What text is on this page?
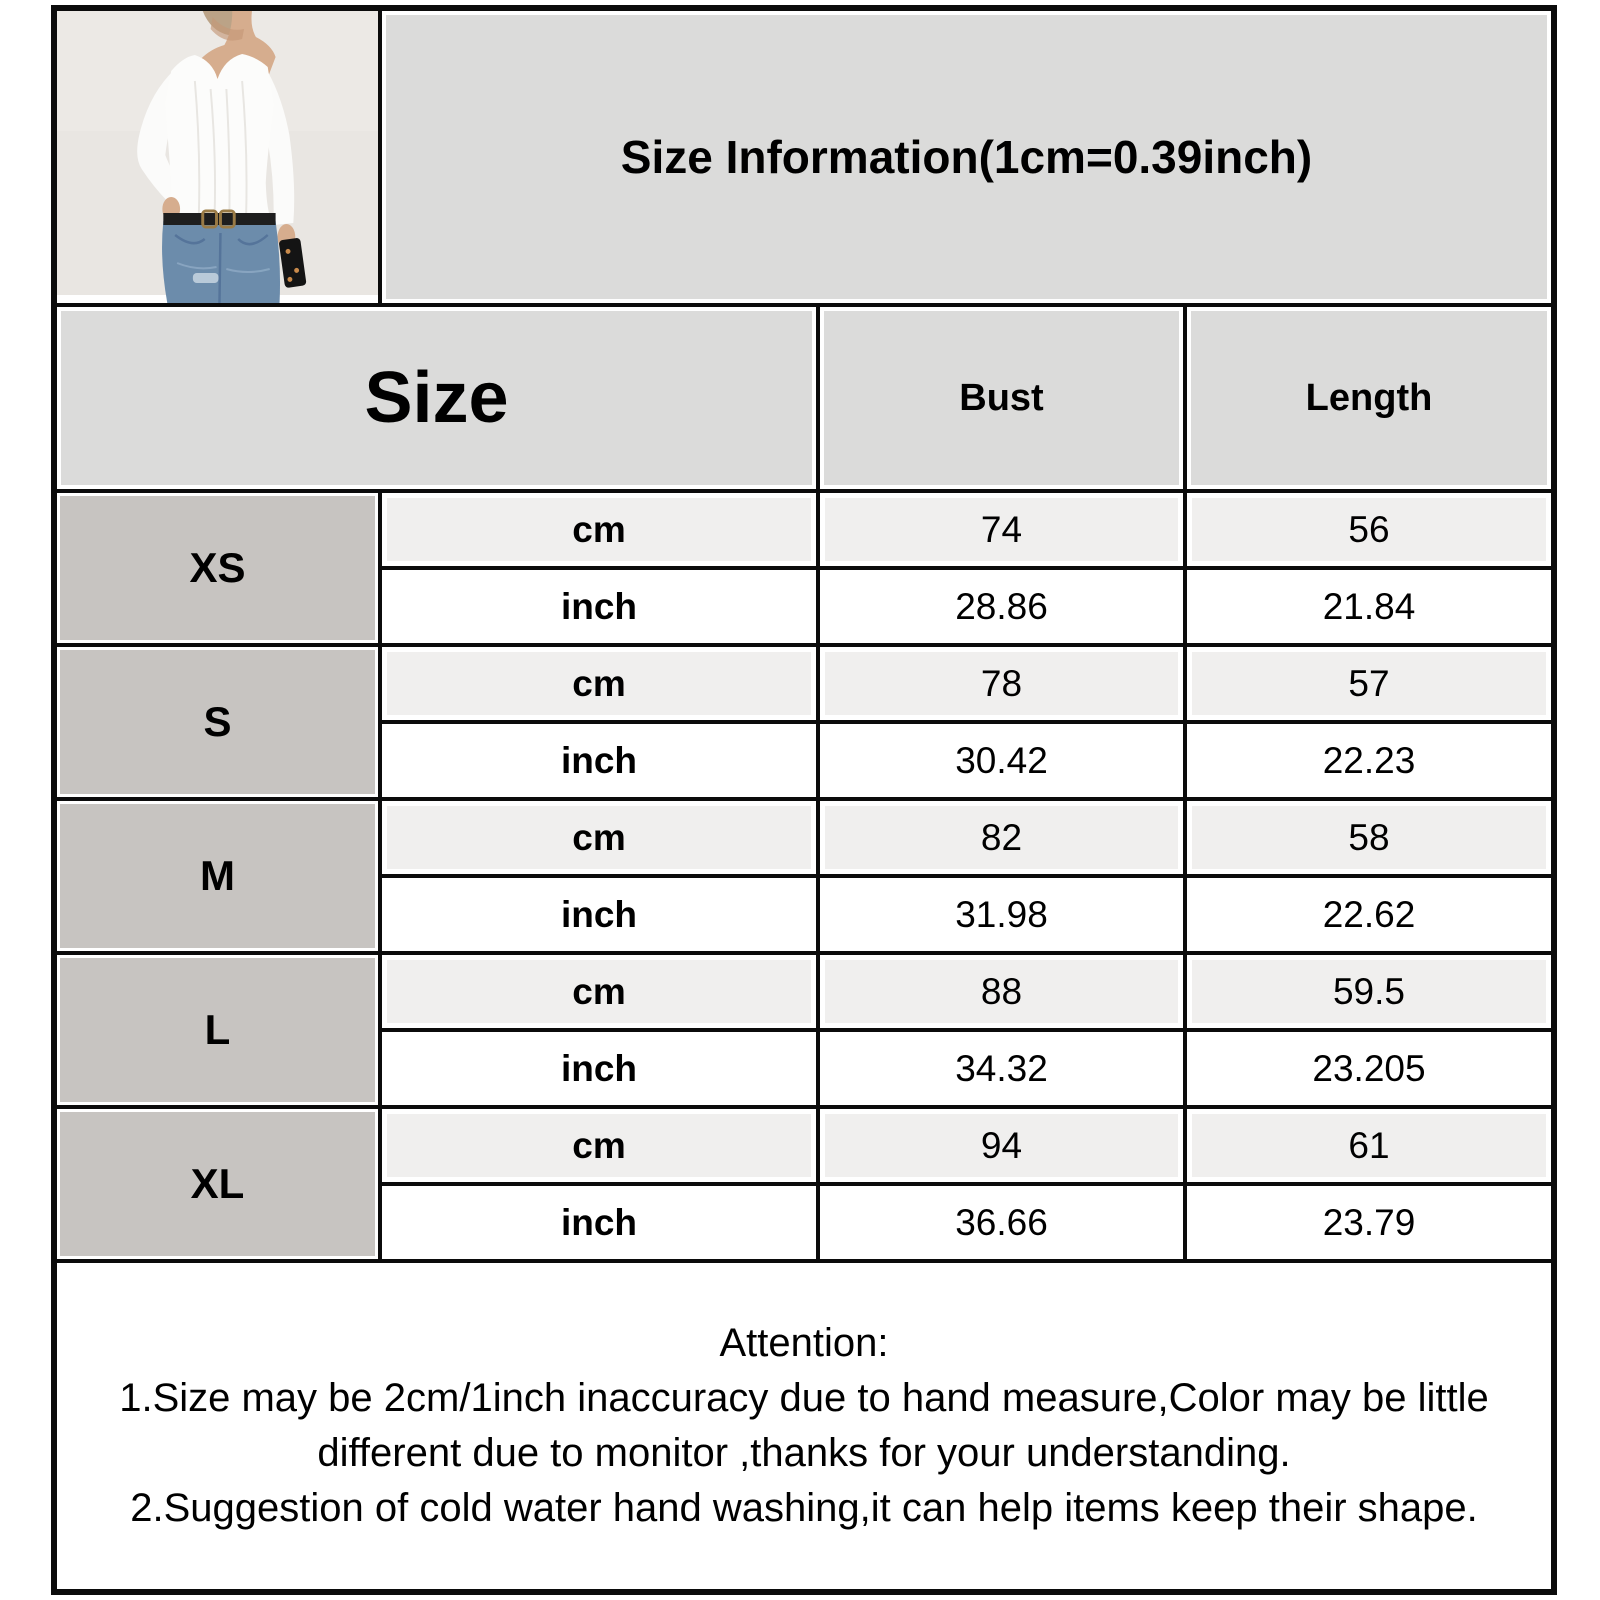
	Size Information(1cm=0.39inch)		
Size		Bust	Length
XS	cm	74	56
	inch	28.86	21.84
S	cm	78	57
	inch	30.42	22.23
M	cm	82	58
	inch	31.98	22.62
L	cm	88	59.5
	inch	34.32	23.205
XL	cm	94	61
	inch	36.66	23.79

Attention:

1.Size may be 2cm/1inch inaccuracy due to hand measure,Color may be little different due to monitor ,thanks for your understanding.

2.Suggestion of cold water hand washing,it can help items keep their shape.			
